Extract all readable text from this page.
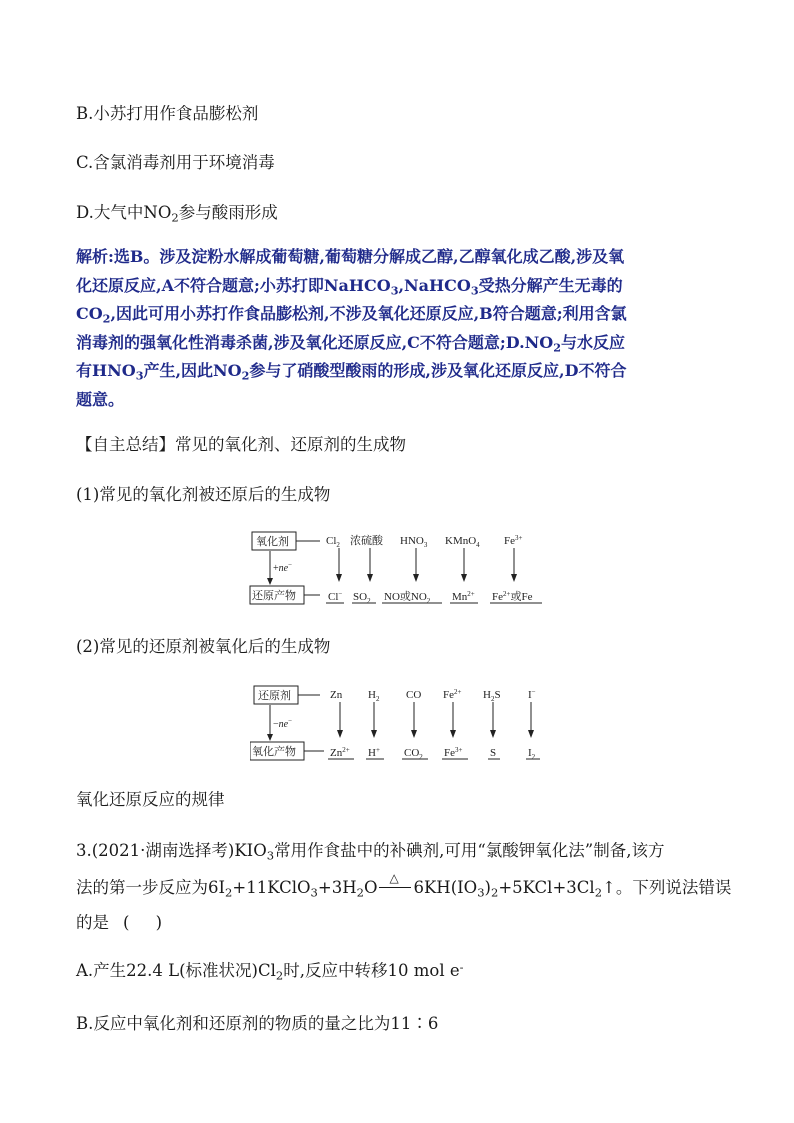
B.小苏打用作食品膨松剂
C.含氯消毒剂用于环境消毒
D.大气中$NO_2$参与酸雨形成
解析:选B。涉及淀粉水解成葡萄糖,葡萄糖分解成乙醇,乙醇氧化成乙酸,涉及氧
化还原反应,A不符合题意;小苏打即NaHCO$_3$,NaHCO$_3$受热分解产生无毒的
$CO_2$,因此可用小苏打作食品膨松剂,不涉及氧化还原反应,B符合题意;利用含氯
消毒剂的强氧化性消毒杀菌,涉及氧化还原反应,C不符合题意$;D.NO_2$与水反应
有$HNO_3$产生,因此$NO_2$参与了硝酸型酸雨的形成,涉及氧化还原反应,D不符合
题意。
【自主总结】常见的氧化剂、还原剂的生成物
(1)常见的氧化剂被还原后的生成物
氧化剂
还原产物
+ne−
$Cl_2$ 浓硫酸 $HNO_3$ KMnO$_4$ $Fe^{3+}$
Cl− $SO_2$ NO或$NO_2$ $Mn^{2+}$ $Fe^{2+}$或Fe
(2)常见的还原剂被氧化后的生成物
还原剂
氧化产物
−ne−
Zn $H_2$ CO $Fe^{2+}$ $H_2S$ I−
$Zn^{2+}$ H+ $CO_2$ $Fe^{3+}$	S	$I_2$
氧化还原反应的规律
3.(2021·湖南选择考)$KIO_3$常用作食盐中的补碘剂,可用“氯酸钾氧化法”制备,该方
法的第一步反应为$6I_2+11KClO_3+3H_2O$ △ $6KH(IO_3)_2+5KCl+3Cl_2↑$。下列说法错误
的是 ( )
A.产生22.4 L(标准状况)$Cl_2$时,反应中转移10 mol e-
B.反应中氧化剂和还原剂的物质的量之比为11∶6
